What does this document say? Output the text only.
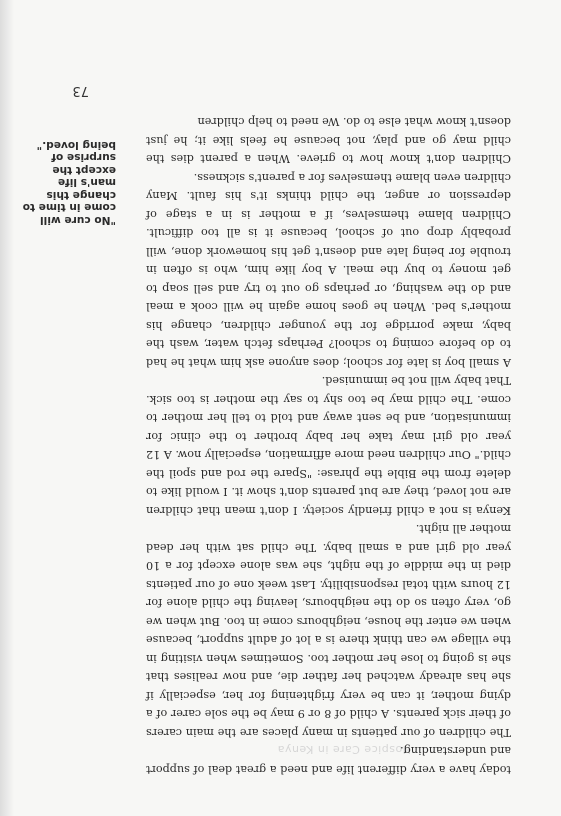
Hospice Care in Kenya

today have a very different life and need a great deal of support and understanding.

The children of our patients in many places are the main carers of their sick parents. A child of 8 or 9 may be the sole carer of a dying mother, it can be very frightening for her, especially if she has already watched her father die, and now realises that she is going to lose her mother too. Sometimes when visiting in the village we can think there is a lot of adult support, because when we enter the house, neighbours come in too. But when we go, very often so do the neighbours, leaving the child alone for 12 hours with total responsibility. Last week one of our patients died in the middle of the night, she was alone except for a 10 year old girl and a small baby. The child sat with her dead mother all night.

Kenya is not a child friendly society. I don't mean that children are not loved, they are but parents don't show it. I would like to delete from the Bible the phrase: "Spare the rod and spoil the child." Our children need more affirmation, especially now. A 12 year old girl may take her baby brother to the clinic for immunisation, and be sent away and told to tell her mother to come. The child may be too shy to say the mother is too sick. That baby will not be immunised.

A small boy is late for school; does anyone ask him what he had to do before coming to school? Perhaps fetch water, wash the baby, make porridge for the younger children, change his mother's bed. When he goes home again he will cook a meal and do the washing, or perhaps go out to try and sell soap to get money to buy the meal. A boy like him, who is often in trouble for being late and doesn't get his homework done, will probably drop out of school, because it is all too difficult. Children blame themselves, if a mother is in a stage of depression or anger, the child thinks it's his fault. Many children even blame themselves for a parent's sickness.

Children don't know how to grieve. When a parent dies the child may go and play, not because he feels like it; he just doesn't know what else to do. We need to help children

"No cure will come in time to change this man's life except the surprise of being loved."
73
